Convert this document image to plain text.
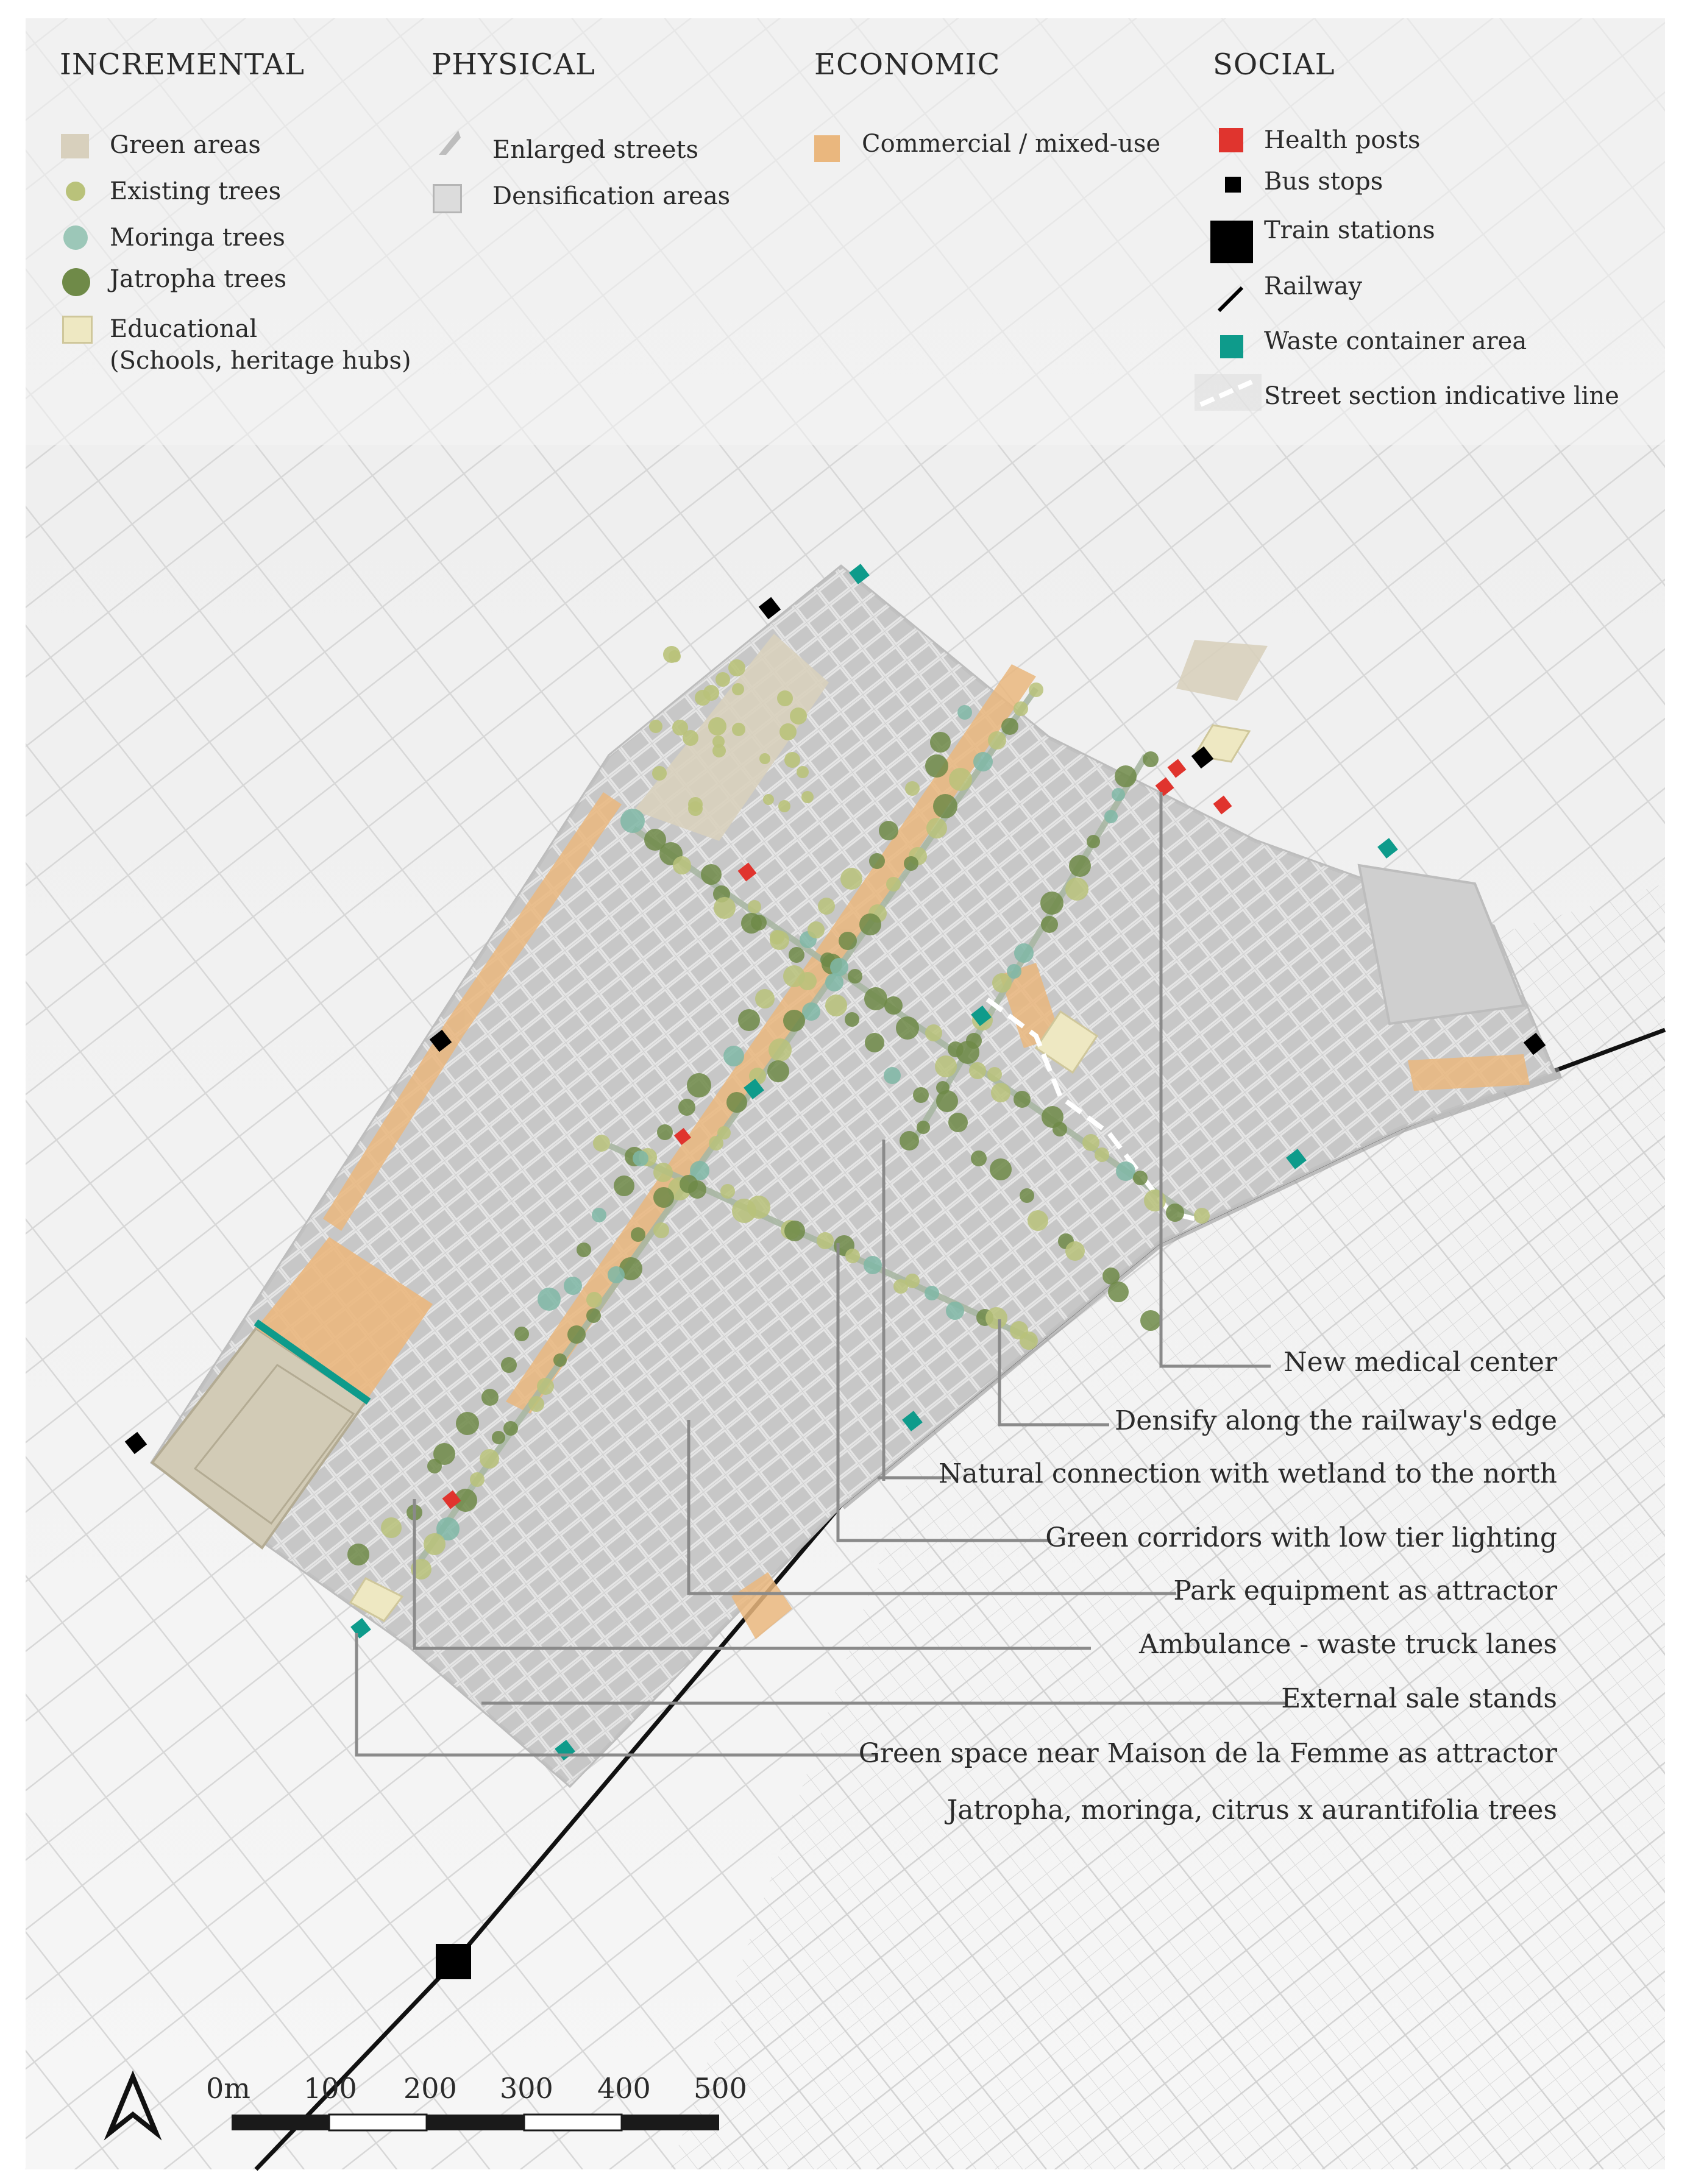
INCREMENTAL
Green areas
Existing trees
Moringa trees
Jatropha trees
Educational
(Schools, heritage hubs)
PHYSICAL
Enlarged streets
Densification areas
ECONOMIC
Commercial / mixed-use
SOCIAL
Health posts
Bus stops
Train stations
Railway
Waste container area
Street section indicative line
New medical center
Densify along the railway's edge
Natural connection with wetland to the north
Green corridors with low tier lighting
Park equipment as attractor
Ambulance - waste truck lanes
External sale stands
Green space near Maison de la Femme as attractor
Jatropha, moringa, citrus x aurantifolia trees
0m 100 200 300 400 500
